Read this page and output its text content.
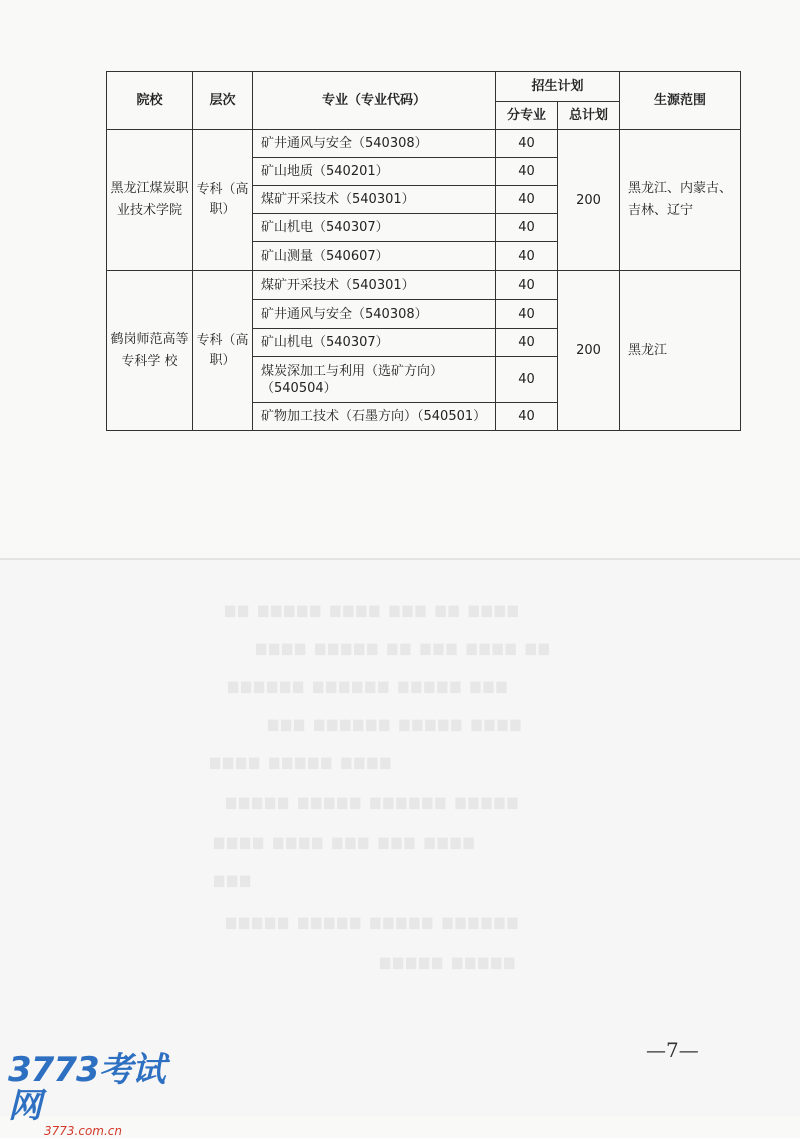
院校	层次	专业（专业代码）	招生计划		生源范围
			分专业	总计划	
黑龙江煤炭职业技术学院	专科（高职）	矿井通风与安全（540308）	40	200	黑龙江、内蒙古、吉林、辽宁
		矿山地质（540201）	40		
		煤矿开采技术（540301）	40		
		矿山机电（540307）	40		
		矿山测量（540607）	40		
鹤岗师范高等专科学 校	专科（高职）	煤矿开采技术（540301）	40	200	黑龙江
		矿井通风与安全（540308）	40		
		矿山机电（540307）	40		
		煤炭深加工与利用（选矿方向）（540504）	40		
		矿物加工技术（石墨方向）（540501）	40		
▆▆ ▆▆▆▆▆ ▆▆▆▆ ▆▆▆ ▆▆ ▆▆▆▆
▆▆▆▆ ▆▆▆▆▆ ▆▆ ▆▆▆ ▆▆▆▆ ▆▆
▆▆▆▆▆▆ ▆▆▆▆▆▆ ▆▆▆▆▆ ▆▆▆
▆▆▆ ▆▆▆▆▆▆ ▆▆▆▆▆ ▆▆▆▆
▆▆▆▆ ▆▆▆▆▆ ▆▆▆▆
▆▆▆▆▆ ▆▆▆▆▆ ▆▆▆▆▆▆ ▆▆▆▆▆
▆▆▆▆ ▆▆▆▆ ▆▆▆ ▆▆▆ ▆▆▆▆
▆▆▆
▆▆▆▆▆ ▆▆▆▆▆ ▆▆▆▆▆ ▆▆▆▆▆▆
▆▆▆▆▆ ▆▆▆▆▆
—7—
3773考试网
3773.com.cn
